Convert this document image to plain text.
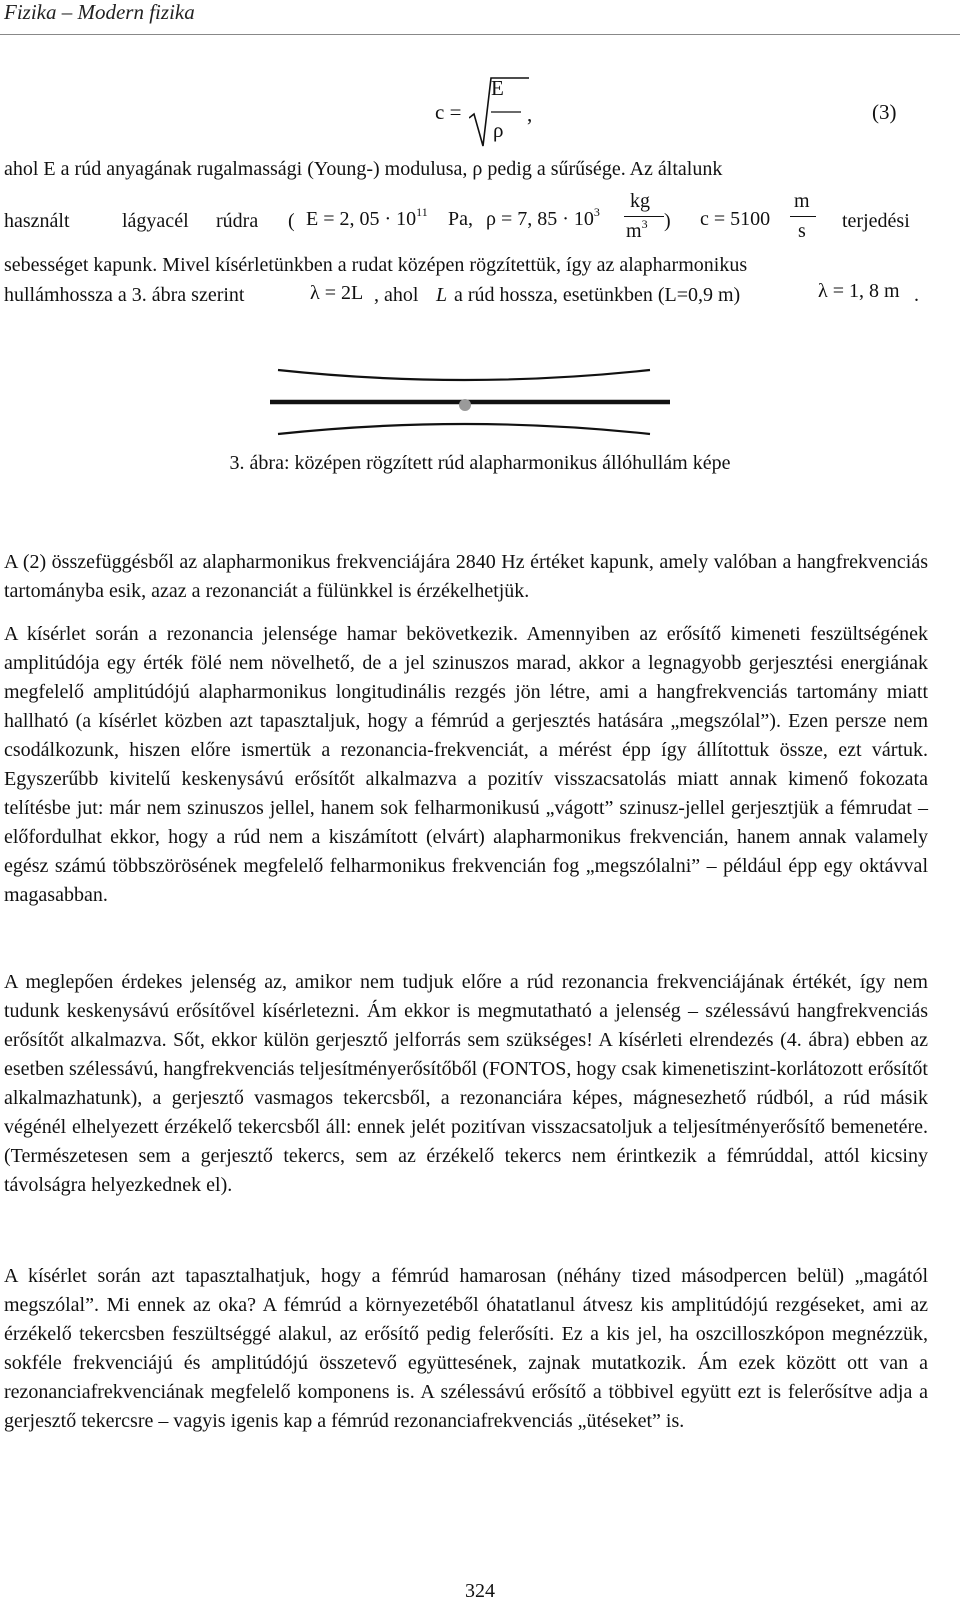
Fizika – Modern fizika
c =
E
ρ
,	(3)
ahol E a rúd anyagának rugalmassági (Young-) modulusa, ρ pedig a sűrűsége. Az általunk
használt	lágyacél rúdra ( E = 2, $05 \cdot 10^{11}$ Pa, ρ = 7, $85 \cdot 10^3$ kg
$m^3$ ) c = 5100
m
s terjedési
sebességet kapunk. Mivel kísérletünkben a rudat középen rögzítettük, így az alapharmonikus
hullámhossza a 3. ábra szerint	λ = 2L , ahol L a rúd hossza, esetünkben (L=0,9 m)	λ = 1, 8 m .
3. ábra: középen rögzített rúd alapharmonikus állóhullám képe
A (2) összefüggésből az alapharmonikus frekvenciájára 2840 Hz értéket kapunk, amely valóban a hangfrekvenciás tartományba esik, azaz a rezonanciát a fülünkkel is érzékelhetjük.
A kísérlet során a rezonancia jelensége hamar bekövetkezik. Amennyiben az erősítő kimeneti feszültségének amplitúdója egy érték fölé nem növelhető, de a jel szinuszos marad, akkor a legnagyobb gerjesztési energiának megfelelő amplitúdójú alapharmonikus longitudinális rezgés jön létre, ami a hangfrekvenciás tartomány miatt hallható (a kísérlet közben azt tapasztaljuk, hogy a fémrúd a gerjesztés hatására „megszólal”). Ezen persze nem csodálkozunk, hiszen előre ismertük a rezonancia-frekvenciát, a mérést épp így állítottuk össze, ezt vártuk. Egyszerűbb kivitelű keskenysávú erősítőt alkalmazva a pozitív visszacsatolás miatt annak kimenő fokozata telítésbe jut: már nem szinuszos jellel, hanem sok felharmonikusú „vágott” szinusz-jellel gerjesztjük a fémrudat – előfordulhat ekkor, hogy a rúd nem a kiszámított (elvárt) alapharmonikus frekvencián, hanem annak valamely egész számú többszörösének megfelelő felharmonikus frekvencián fog „megszólalni” – például épp egy oktávval magasabban.
A meglepően érdekes jelenség az, amikor nem tudjuk előre a rúd rezonancia frekvenciájának értékét, így nem tudunk keskenysávú erősítővel kísérletezni. Ám ekkor is megmutatható a jelenség – szélessávú hangfrekvenciás erősítőt alkalmazva. Sőt, ekkor külön gerjesztő jelforrás sem szükséges! A kísérleti elrendezés (4. ábra) ebben az esetben szélessávú, hangfrekvenciás teljesítményerősítőből (FONTOS, hogy csak kimenetiszint-korlátozott erősítőt alkalmazhatunk), a gerjesztő vasmagos tekercsből, a rezonanciára képes, mágnesezhető rúdból, a rúd másik végénél elhelyezett érzékelő tekercsből áll: ennek jelét pozitívan visszacsatoljuk a teljesítményerősítő bemenetére. (Természetesen sem a gerjesztő tekercs, sem az érzékelő tekercs nem érintkezik a fémrúddal, attól kicsiny távolságra helyezkednek el).
A kísérlet során azt tapasztalhatjuk, hogy a fémrúd hamarosan (néhány tized másodpercen belül) „magától megszólal”. Mi ennek az oka? A fémrúd a környezetéből óhatatlanul átvesz kis amplitúdójú rezgéseket, ami az érzékelő tekercsben feszültséggé alakul, az erősítő pedig felerősíti. Ez a kis jel, ha oszcilloszkópon megnézzük, sokféle frekvenciájú és amplitúdójú összetevő együttesének, zajnak mutatkozik. Ám ezek között ott van a rezonanciafrekvenciának megfelelő komponens is. A szélessávú erősítő a többivel együtt ezt is felerősítve adja a gerjesztő tekercsre – vagyis igenis kap a fémrúd rezonanciafrekvenciás „ütéseket” is.
324
